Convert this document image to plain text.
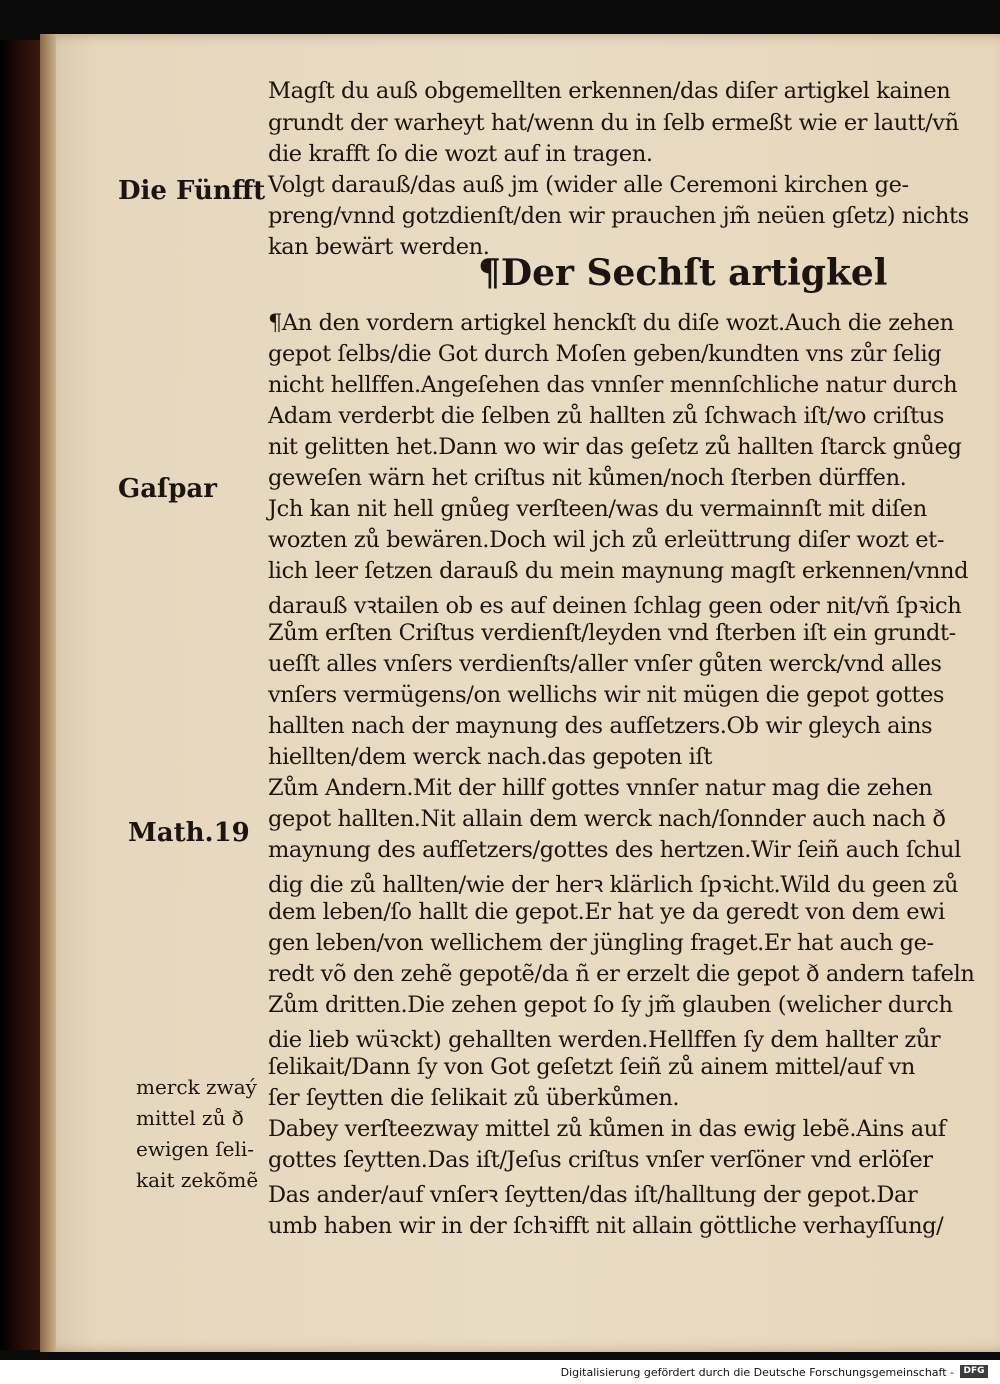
Magſt du auß obgemellten erkennen/das diſer artigkel kainen
grundt der warheyt hat/wenn du in ſelb ermeßt wie er lautt/vñ
die krafft ſo die wozt auf in tragen.
Volgt darauß/das auß jm (wider alle Ceremoni kirchen ge-
preng/vnnd gotzdienſt/den wir prauchen jm̃ neüen gſetz) nichts
kan bewärt werden.
Die Fünfft
¶Der Sechſt artigkel
¶An den vordern artigkel henckſt du diſe wozt.Auch die zehen
gepot ſelbs/die Got durch Moſen geben/kundten vns zůr ſelig
nicht hellffen.Angeſehen das vnnſer mennſchliche natur durch
Adam verderbt die ſelben zů hallten zů ſchwach iſt/wo criſtus
nit gelitten het.Dann wo wir das geſetz zů hallten ſtarck gnůeg
geweſen wärn het criſtus nit kůmen/noch ſterben dürffen.
Jch kan nit hell gnůeg verſteen/was du vermainnſt mit diſen
wozten zů bewären.Doch wil jch zů erleüttrung diſer wozt et-
lich leer ſetzen darauß du mein maynung magſt erkennen/vnnd
darauß vꝛtailen ob es auf deinen ſchlag geen oder nit/vñ ſpꝛich
Zům erſten Criſtus verdienſt/leyden vnd ſterben iſt ein grundt-
ueſſt alles vnſers verdienſts/aller vnſer gůten werck/vnd alles
vnſers vermügens/on wellichs wir nit mügen die gepot gottes
hallten nach der maynung des aufſetzers.Ob wir gleych ains
hiellten/dem werck nach.das gepoten iſt
Zům Andern.Mit der hillf gottes vnnſer natur mag die zehen
gepot hallten.Nit allain dem werck nach/ſonnder auch nach ð
maynung des aufſetzers/gottes des hertzen.Wir ſeiñ auch ſchul
dig die zů hallten/wie der herꝛ klärlich ſpꝛicht.Wild du geen zů
dem leben/ſo hallt die gepot.Er hat ye da geredt von dem ewi
gen leben/von wellichem der jüngling fraget.Er hat auch ge-
redt võ den zehẽ gepotẽ/da ñ er erzelt die gepot ð andern tafeln
Zům dritten.Die zehen gepot ſo ſy jm̃ glauben (welicher durch
die lieb wüꝛckt) gehallten werden.Hellffen ſy dem hallter zůr
ſelikait/Dann ſy von Got geſetzt ſeiñ zů ainem mittel/auf vn
ſer ſeytten die ſelikait zů überkůmen.
Dabey verſteezway mittel zů kůmen in das ewig lebẽ.Ains auf
gottes ſeytten.Das iſt/Jeſus criſtus vnſer verſöner vnd erlöſer
Das ander/auf vnſerꝛ ſeytten/das iſt/halltung der gepot.Dar
umb haben wir in der ſchꝛifft nit allain göttliche verhayſſung/
Gaſpar
Math.19
merck zwaý
mittel zů ð
ewigen ſeli-
kait zekõmẽ
Digitalisierung gefördert durch die Deutsche Forschungsgemeinschaft -	DFG
